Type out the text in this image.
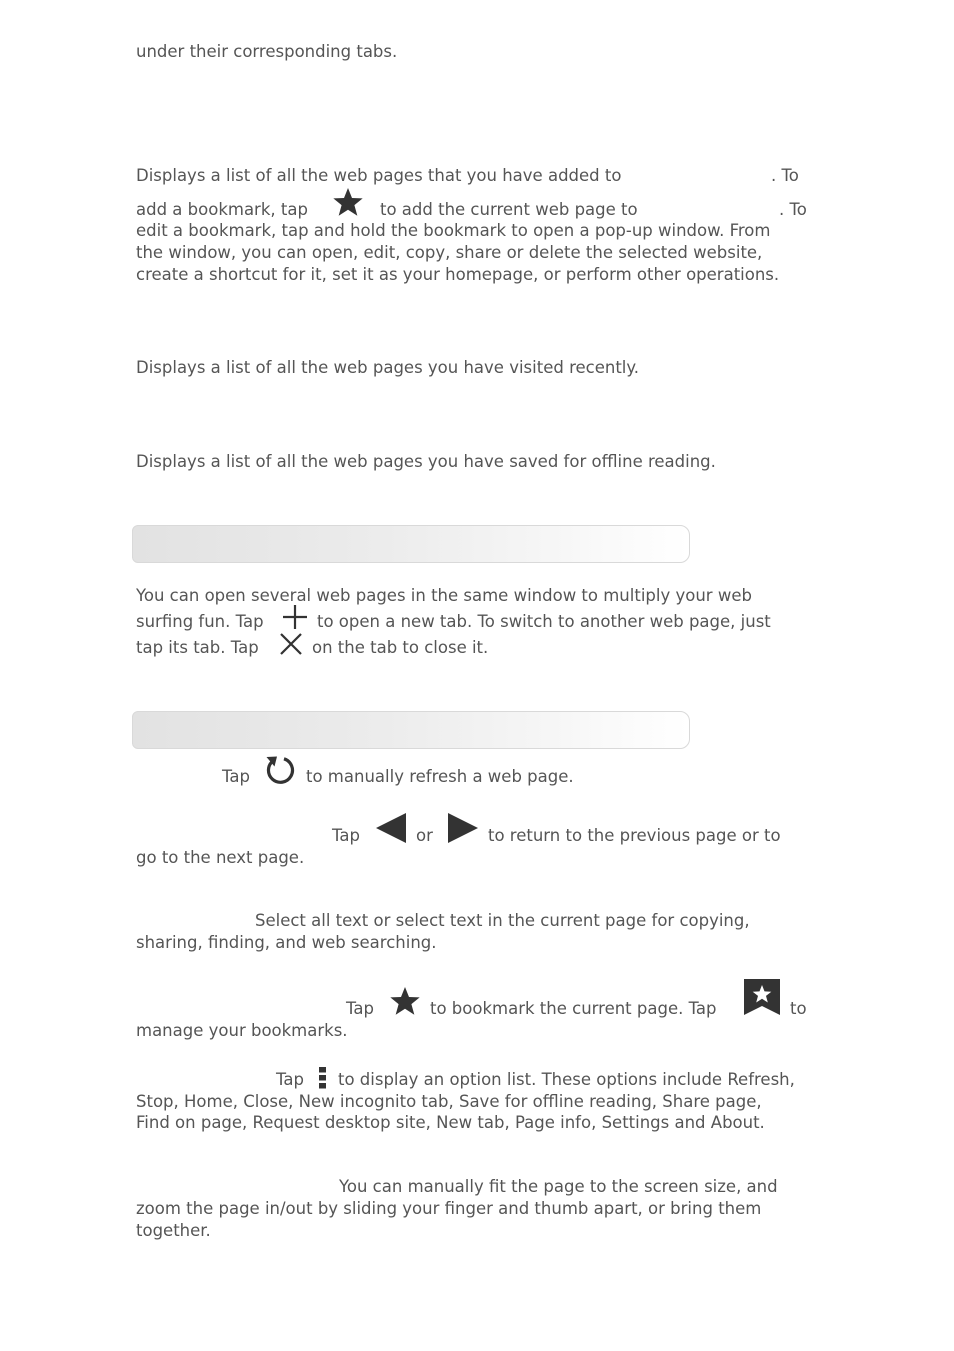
under their corresponding tabs.
Displays a list of all the web pages that you have added to	. To
add a bookmark, tap	to add the current web page to	. To
edit a bookmark, tap and hold the bookmark to open a pop-up window. From
the window, you can open, edit, copy, share or delete the selected website,
create a shortcut for it, set it as your homepage, or perform other operations.
Displays a list of all the web pages you have visited recently.
Displays a list of all the web pages you have saved for offline reading.
You can open several web pages in the same window to multiply your web
surfing fun. Tap	to open a new tab. To switch to another web page, just
tap its tab. Tap	on the tab to close it.
Tap	to manually refresh a web page.
Tap	or	to return to the previous page or to
go to the next page.
Select all text or select text in the current page for copying,
sharing, finding, and web searching.
Tap	to bookmark the current page. Tap	to
manage your bookmarks.
Tap to display an option list. These options include Refresh,
Stop, Home, Close, New incognito tab, Save for offline reading, Share page,
Find on page, Request desktop site, New tab, Page info, Settings and About.
You can manually fit the page to the screen size, and
zoom the page in/out by sliding your finger and thumb apart, or bring them
together.
